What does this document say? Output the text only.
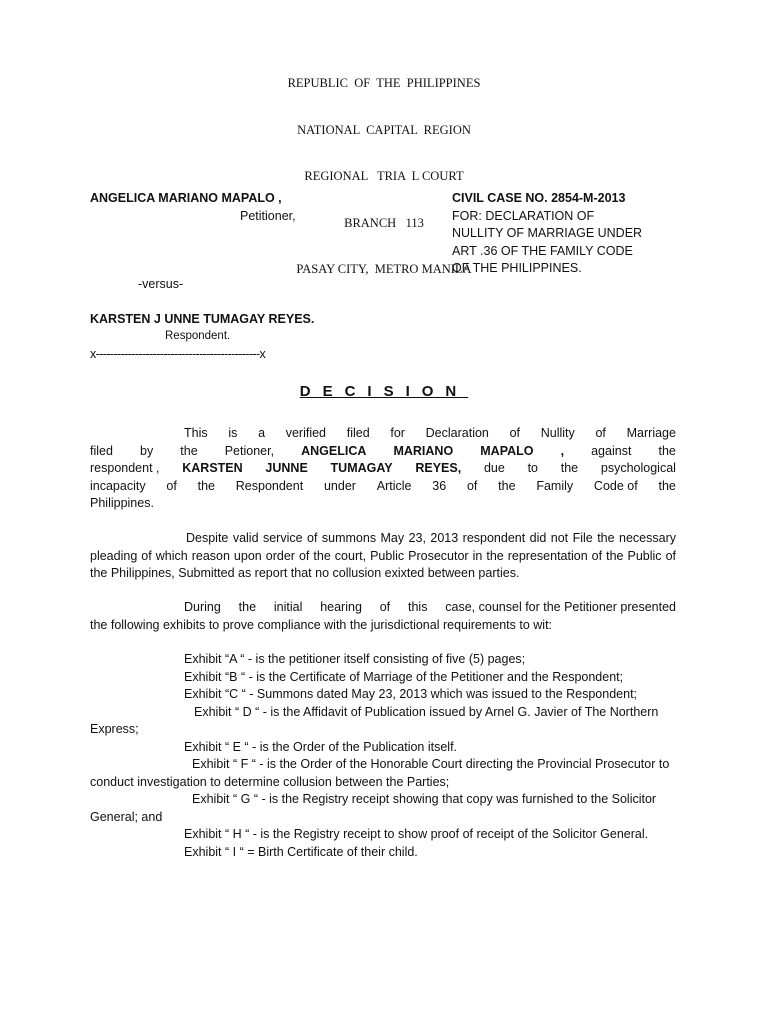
REPUBLIC  OF  THE  PHILIPPINES

NATIONAL  CAPITAL  REGION

REGIONAL   TRIA  L COURT

BRANCH   113

PASAY CITY,  METRO MANILA

ANGELICA MARIANO MAPALO ,
Petitioner,
-versus-
KARSTEN J UNNE TUMAGAY REYES.
Respondent.
x----------------------------------------------x
CIVIL CASE NO. 2854-M-2013
FOR: DECLARATION OF
NULLITY OF MARRIAGE UNDER
ART .36 OF THE FAMILY CODE
OF THE PHILIPPINES.
DECISION
This is a verified filed for Declaration of Nullity of Marriage
filed by the Petioner, ANGELICA MARIANO MAPALO , against the
respondent , KARSTEN JUNNE TUMAGAY REYES, due to the psychological
incapacity of the Respondent under Article 36 of the Family Code of the
Philippines.
Despite valid service of summons May 23, 2013 respondent did not File the necessary pleading of which reason upon order of the court, Public Prosecutor in the representation of the Public of the Philippines, Submitted as report that no collusion exixted between parties.
During the initial hearing of this case, counsel for the Petitioner presented
the following exhibits to prove compliance with the jurisdictional requirements to wit:
Exhibit “A “ - is the petitioner itself consisting of five (5) pages;
Exhibit “B “ - is the Certificate of Marriage of the Petitioner and the Respondent;
Exhibit “C “ - Summons dated May 23, 2013 which was issued to the Respondent;
Exhibit “ D “ - is the Affidavit of Publication issued by Arnel G. Javier of The Northern Express;
Exhibit “ E “ - is the Order of the Publication itself.
Exhibit “ F “ - is the Order of the Honorable Court directing the Provincial Prosecutor to conduct investigation to determine collusion between the Parties;
Exhibit “ G “ - is the Registry receipt showing that copy was furnished to the Solicitor General; and
Exhibit “ H “ - is the Registry receipt to show proof of receipt of the Solicitor General.
Exhibit “ I “ = Birth Certificate of their child.
